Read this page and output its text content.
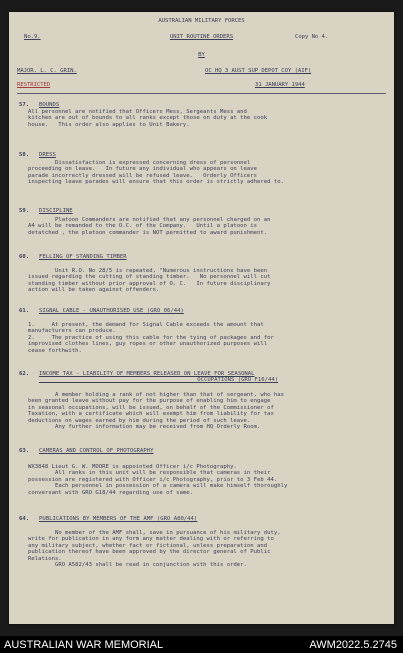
AUSTRALIAN MILITARY FORCES
No.9.	UNIT ROUTINE ORDERS	Copy No 4.
BY
MAJOR. L. C. GRIN.	OC HQ 3 AUST SUP DEPOT COY (AIF)
RESTRICTED	31 JANUARY 1944
57. BOUNDS
All personnel are notified that Officers Mess, Sergeants Mess and
kitchen are out of bounds to all ranks except those on duty at the cook
house.   This order also applies to Unit Bakery.
58. DRESS
Dissatisfaction is expressed concerning dress of personnel
proceeding on leave.   In future any individual who appears on leave
parade incorrectly dressed will be refused leave.   Orderly Officers
inspecting leave parades will ensure that this order is strictly adhered to.
59. DISCIPLINE
Platoon Commanders are notified that any personnel charged on an
A4 will be remanded to the O.C. of the Company.   Until a platoon is
detatched , the platoon commander is NOT permitted to award punishment.
60. FELLING OF STANDING TIMBER
Unit R.O. No 28/5 is repeated, "Numerous instructions have been
issued regarding the cutting of standing timber.   No personnel will cut
standing timber without prior approval of O. C.   In future disciplinary
action will be taken against offenders.
61. SIGNAL CABLE - UNAUTHORISED USE (GRO 06/44)
1.     At present, the demand for Signal Cable exceeds the amount that
manufacturers can produce.
2.     The practice of using this cable for the tying of packages and for
improvised clothes lines, guy ropes or other unauthorized purposes will
cease forthwith.
62. INCOME TAX - LIABILITY OF MEMBERS RELEASED ON LEAVE FOR SEASONAL
OCCUPATIONS (GRO F16/44)
A member holding a rank of not higher than that of sergeant, who has
been granted leave without pay for the purpose of enabling him to engage
in seasonal occupations, will be issued, on behalf of the Commissioner of
Taxation, with a certificate which will exempt him from liability for tax
deductions on wages earned by him during the period of such leave.
Any further information may be received from HQ Orderly Room.
63. CAMERAS AND CONTROL OF PHOTOGRAPHY
WX3848 Lieut G. W. MOORE is appointed Officer i/c Photography.
All ranks in this unit will be responsible that cameras in their
possession are registered with Officer i/c Photography, prior to 3 Feb 44.
Each personnel in possession of a camera will make himself thoroughly
conversant with GRO G18/44 regarding use of same.
64. PUBLICATIONS BY MEMBERS OF THE AMF (GRO A80/44)
No member of the AMF shall, save in pursuance of his military duty,
write for publication in any form any matter dealing with or referring to
any military subject, whether fact or fictional, unless preparation and
publication thereof have been approved by the director general of Public
Relations.
GRO A582/43 shall be read in conjunction with this order.
AUSTRALIAN WAR MEMORIAL	AWM2022.5.2745
